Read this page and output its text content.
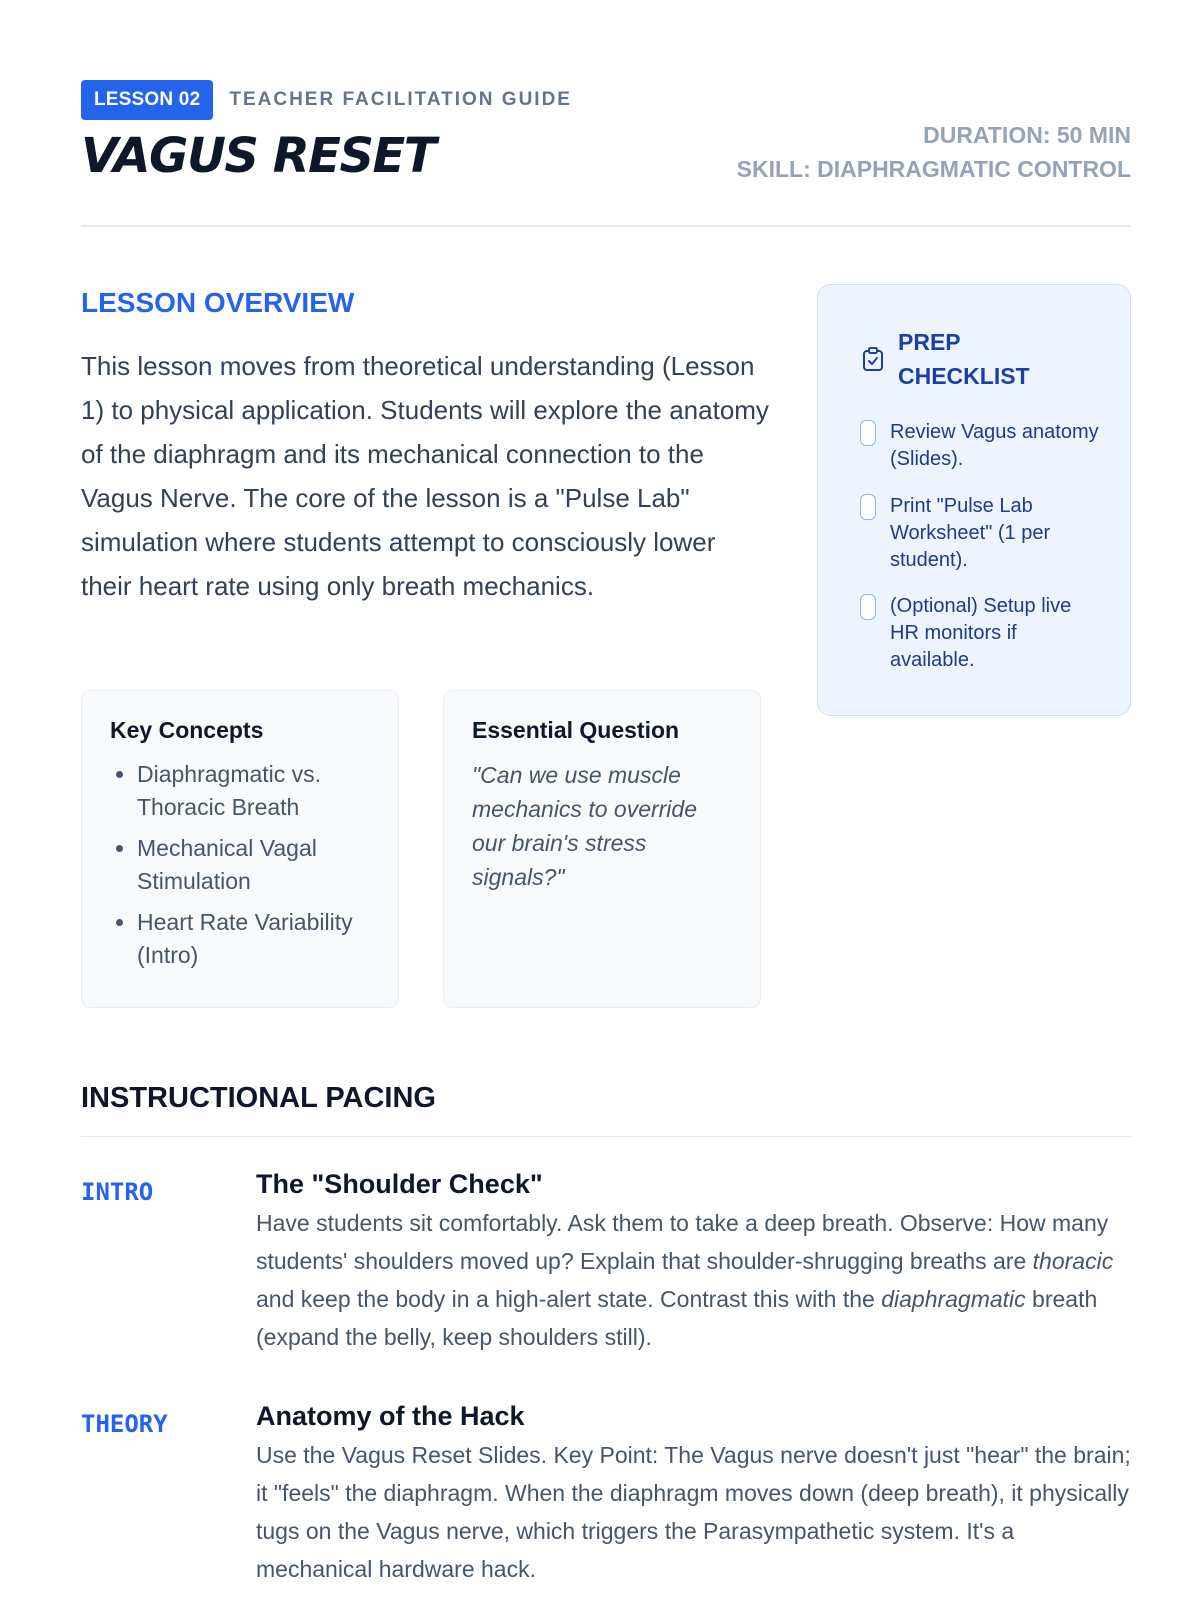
LESSON 02	TEACHER FACILITATION GUIDE
VAGUS RESET	DURATION: 50 MIN
SKILL: DIAPHRAGMATIC CONTROL
LESSON OVERVIEW

This lesson moves from theoretical understanding (Lesson 1) to physical application. Students will explore the anatomy of the diaphragm and its mechanical connection to the Vagus Nerve. The core of the lesson is a "Pulse Lab" simulation where students attempt to consciously lower their heart rate using only breath mechanics.

Key Concepts
• Diaphragmatic vs. Thoracic Breath
• Mechanical Vagal Stimulation
• Heart Rate Variability (Intro)
Essential Question

"Can we use muscle mechanics to override our brain's stress signals?"

PREP
CHECKLIST
Review Vagus anatomy (Slides).
Print "Pulse Lab Worksheet" (1 per student).
(Optional) Setup live HR monitors if available.
INSTRUCTIONAL PACING
INTRO	The "Shoulder Check"

Have students sit comfortably. Ask them to take a deep breath. Observe: How many students' shoulders moved up? Explain that shoulder-shrugging breaths are thoracic and keep the body in a high-alert state. Contrast this with the diaphragmatic breath (expand the belly, keep shoulders still).

THEORY	Anatomy of the Hack

Use the Vagus Reset Slides. Key Point: The Vagus nerve doesn't just "hear" the brain; it "feels" the diaphragm. When the diaphragm moves down (deep breath), it physically tugs on the Vagus nerve, which triggers the Parasympathetic system. It's a mechanical hardware hack.
